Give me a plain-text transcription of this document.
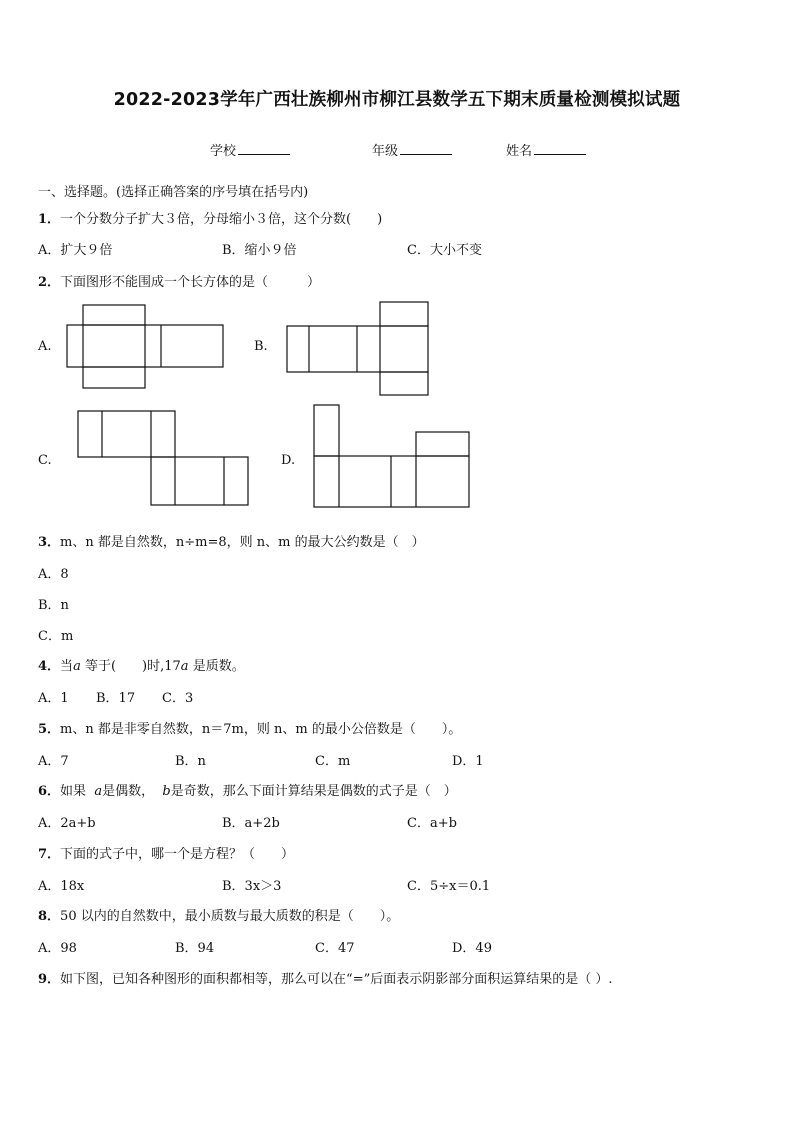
2022-2023学年广西壮族柳州市柳江县数学五下期末质量检测模拟试题
学校	年级	姓名
一、选择题。(选择正确答案的序号填在括号内)
1．一个分数分子扩大３倍，分母缩小３倍，这个分数(　　)
A．扩大９倍	B．缩小９倍	C．大小不变
2．下面图形不能围成一个长方体的是（　　　）
A.	B.
C.	D.
3．m、n 都是自然数，n÷m=8，则 n、m 的最大公约数是（　）
A．8
B．n
C．m
4．当a 等于(　　)时,17a 是质数。
A．1 B．17 C．3
5．m、n 都是非零自然数，n＝7m，则 n、m 的最小公倍数是（　　）。
A．7	B．n	C．m	D．1
6．如果 a是偶数， b是奇数，那么下面计算结果是偶数的式子是（　）
A．2a+b	B．a+2b	C．a+b
7．下面的式子中，哪一个是方程？（　　）
A．18x	B．3x＞3	C．5÷x＝0.1
8．50 以内的自然数中，最小质数与最大质数的积是（　　）。
A．98	B．94	C．47	D．49
9．如下图，已知各种图形的面积都相等，那么可以在“=”后面表示阴影部分面积运算结果的是（ ）.
